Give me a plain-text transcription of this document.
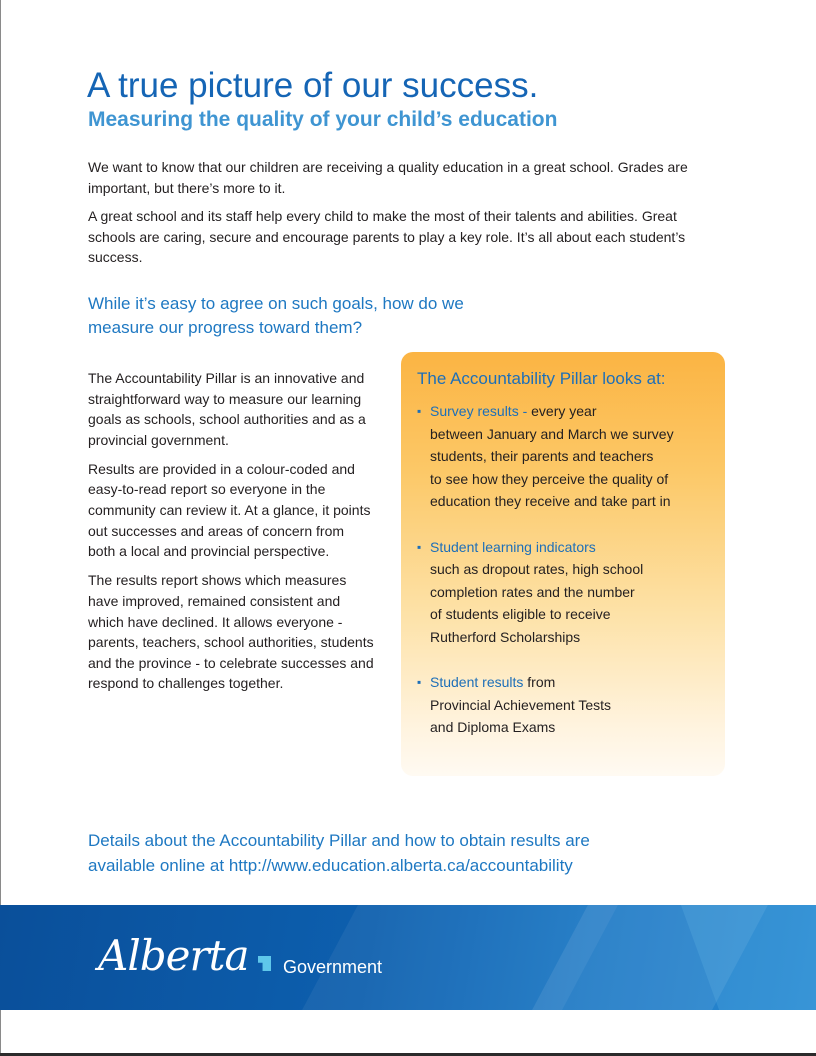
A true picture of our success.
Measuring the quality of your child’s education

We want to know that our children are receiving a quality education in a great school. Grades are important, but there’s more to it.

A great school and its staff help every child to make the most of their talents and abilities. Great schools are caring, secure and encourage parents to play a key role. It’s all about each student’s success.

While it’s easy to agree on such goals, how do we
measure our progress toward them?

The Accountability Pillar is an innovative and straightforward way to measure our learning goals as schools, school authorities and as a provincial government.

Results are provided in a colour-coded and easy-to-read report so everyone in the community can review it. At a glance, it points out successes and areas of concern from both a local and provincial perspective.

The results report shows which measures have improved, remained consistent and which have declined. It allows everyone - parents, teachers, school authorities, students and the province - to celebrate successes and respond to challenges together.

The Accountability Pillar looks at:
▪ Survey results - every year
between January and March we survey
students, their parents and teachers
to see how they perceive the quality of
education they receive and take part in
▪ Student learning indicators
such as dropout rates, high school
completion rates and the number
of students eligible to receive
Rutherford Scholarships
▪ Student results from
Provincial Achievement Tests
and Diploma Exams
Details about the Accountability Pillar and how to obtain results are
available online at http://www.education.alberta.ca/accountability
Alberta Government
